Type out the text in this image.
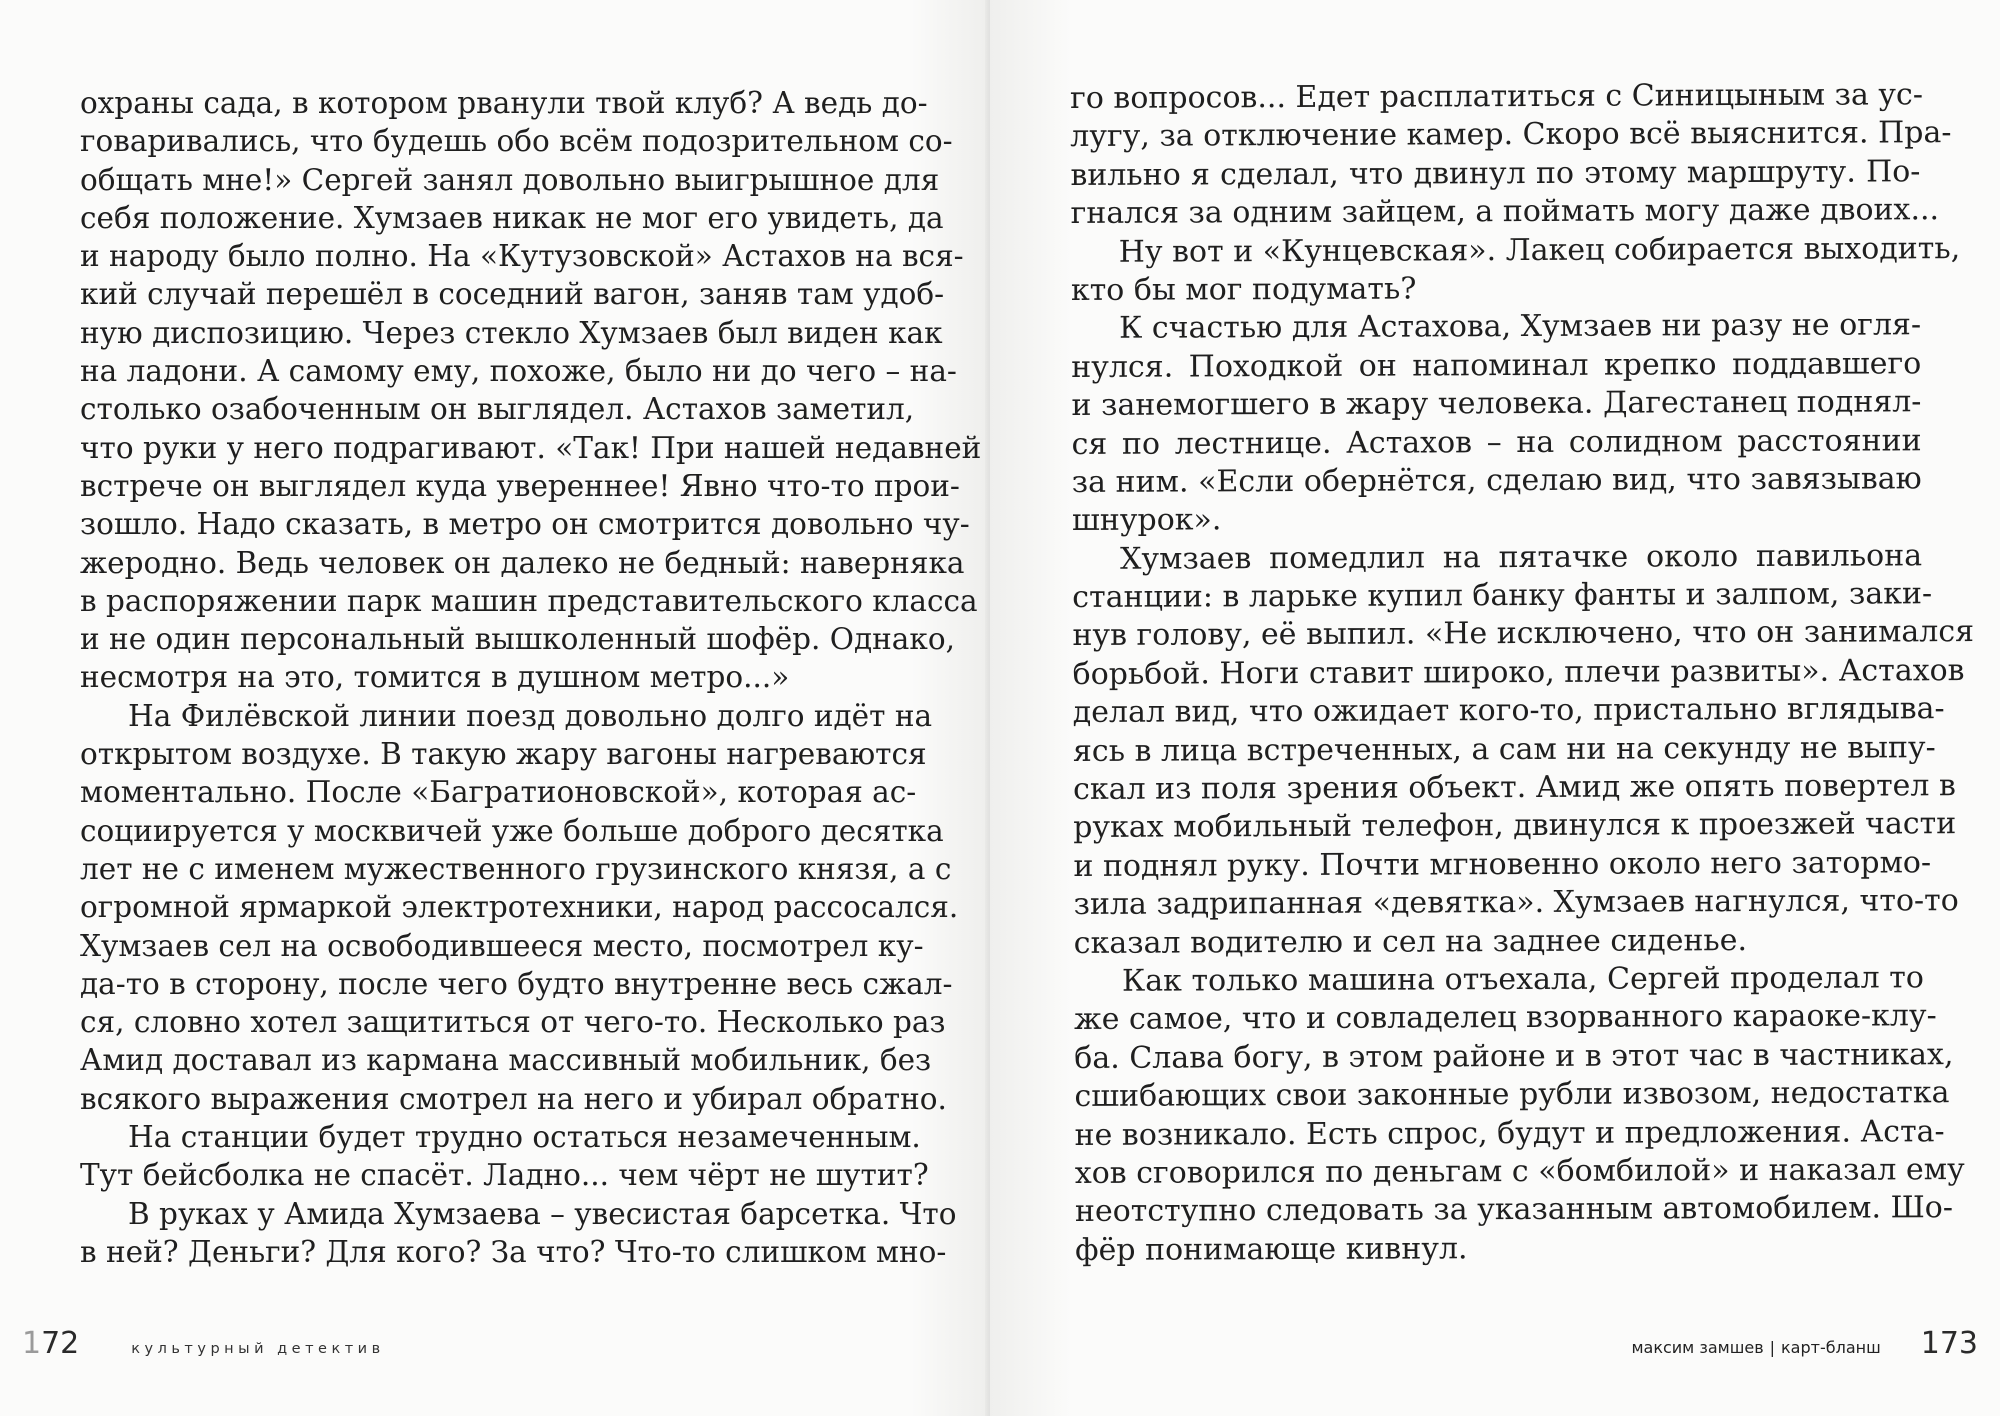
охраны сада, в котором рванули твой клуб? А ведь до-
говаривались, что будешь обо всём подозрительном со-
общать мне!» Сергей занял довольно выигрышное для
себя положение. Хумзаев никак не мог его увидеть, да
и народу было полно. На «Кутузовской» Астахов на вся-
кий случай перешёл в соседний вагон, заняв там удоб-
ную диспозицию. Через стекло Хумзаев был виден как
на ладони. А самому ему, похоже, было ни до чего – на-
столько озабоченным он выглядел. Астахов заметил,
что руки у него подрагивают. «Так! При нашей недавней
встрече он выглядел куда увереннее! Явно что-то прои-
зошло. Надо сказать, в метро он смотрится довольно чу-
жеродно. Ведь человек он далеко не бедный: наверняка
в распоряжении парк машин представительского класса
и не один персональный вышколенный шофёр. Однако,
несмотря на это, томится в душном метро...»
На Филёвской линии поезд довольно долго идёт на
открытом воздухе. В такую жару вагоны нагреваются
моментально. После «Багратионовской», которая ас-
социируется у москвичей уже больше доброго десятка
лет не с именем мужественного грузинского князя, а с
огромной ярмаркой электротехники, народ рассосался.
Хумзаев сел на освободившееся место, посмотрел ку-
да-то в сторону, после чего будто внутренне весь сжал-
ся, словно хотел защититься от чего-то. Несколько раз
Амид доставал из кармана массивный мобильник, без
всякого выражения смотрел на него и убирал обратно.
На станции будет трудно остаться незамеченным.
Тут бейсболка не спасёт. Ладно... чем чёрт не шутит?
В руках у Амида Хумзаева – увесистая барсетка. Что
в ней? Деньги? Для кого? За что? Что-то слишком мно-
1 72	культурный детектив
го вопросов... Едет расплатиться с Синицыным за ус-
лугу, за отключение камер. Скоро всё выяснится. Пра-
вильно я сделал, что двинул по этому маршруту. По-
гнался за одним зайцем, а поймать могу даже двоих...
Ну вот и «Кунцевская». Лакец собирается выходить,
кто бы мог подумать?
К счастью для Астахова, Хумзаев ни разу не огля-
нулся. Походкой он напоминал крепко поддавшего
и занемогшего в жару человека. Дагестанец поднял-
ся по лестнице. Астахов – на солидном расстоянии
за ним. «Если обернётся, сделаю вид, что завязываю
шнурок».
Хумзаев помедлил на пятачке около павильона
станции: в ларьке купил банку фанты и залпом, заки-
нув голову, её выпил. «Не исключено, что он занимался
борьбой. Ноги ставит широко, плечи развиты». Астахов
делал вид, что ожидает кого-то, пристально вглядыва-
ясь в лица встреченных, а сам ни на секунду не выпу-
скал из поля зрения объект. Амид же опять повертел в
руках мобильный телефон, двинулся к проезжей части
и поднял руку. Почти мгновенно около него затормо-
зила задрипанная «девятка». Хумзаев нагнулся, что-то
сказал водителю и сел на заднее сиденье.
Как только машина отъехала, Сергей проделал то
же самое, что и совладелец взорванного караоке-клу-
ба. Слава богу, в этом районе и в этот час в частниках,
сшибающих свои законные рубли извозом, недостатка
не возникало. Есть спрос, будут и предложения. Аста-
хов сговорился по деньгам с «бомбилой» и наказал ему
неотступно следовать за указанным автомобилем. Шо-
фёр понимающе кивнул.
максим замшев | карт-бланш 173
